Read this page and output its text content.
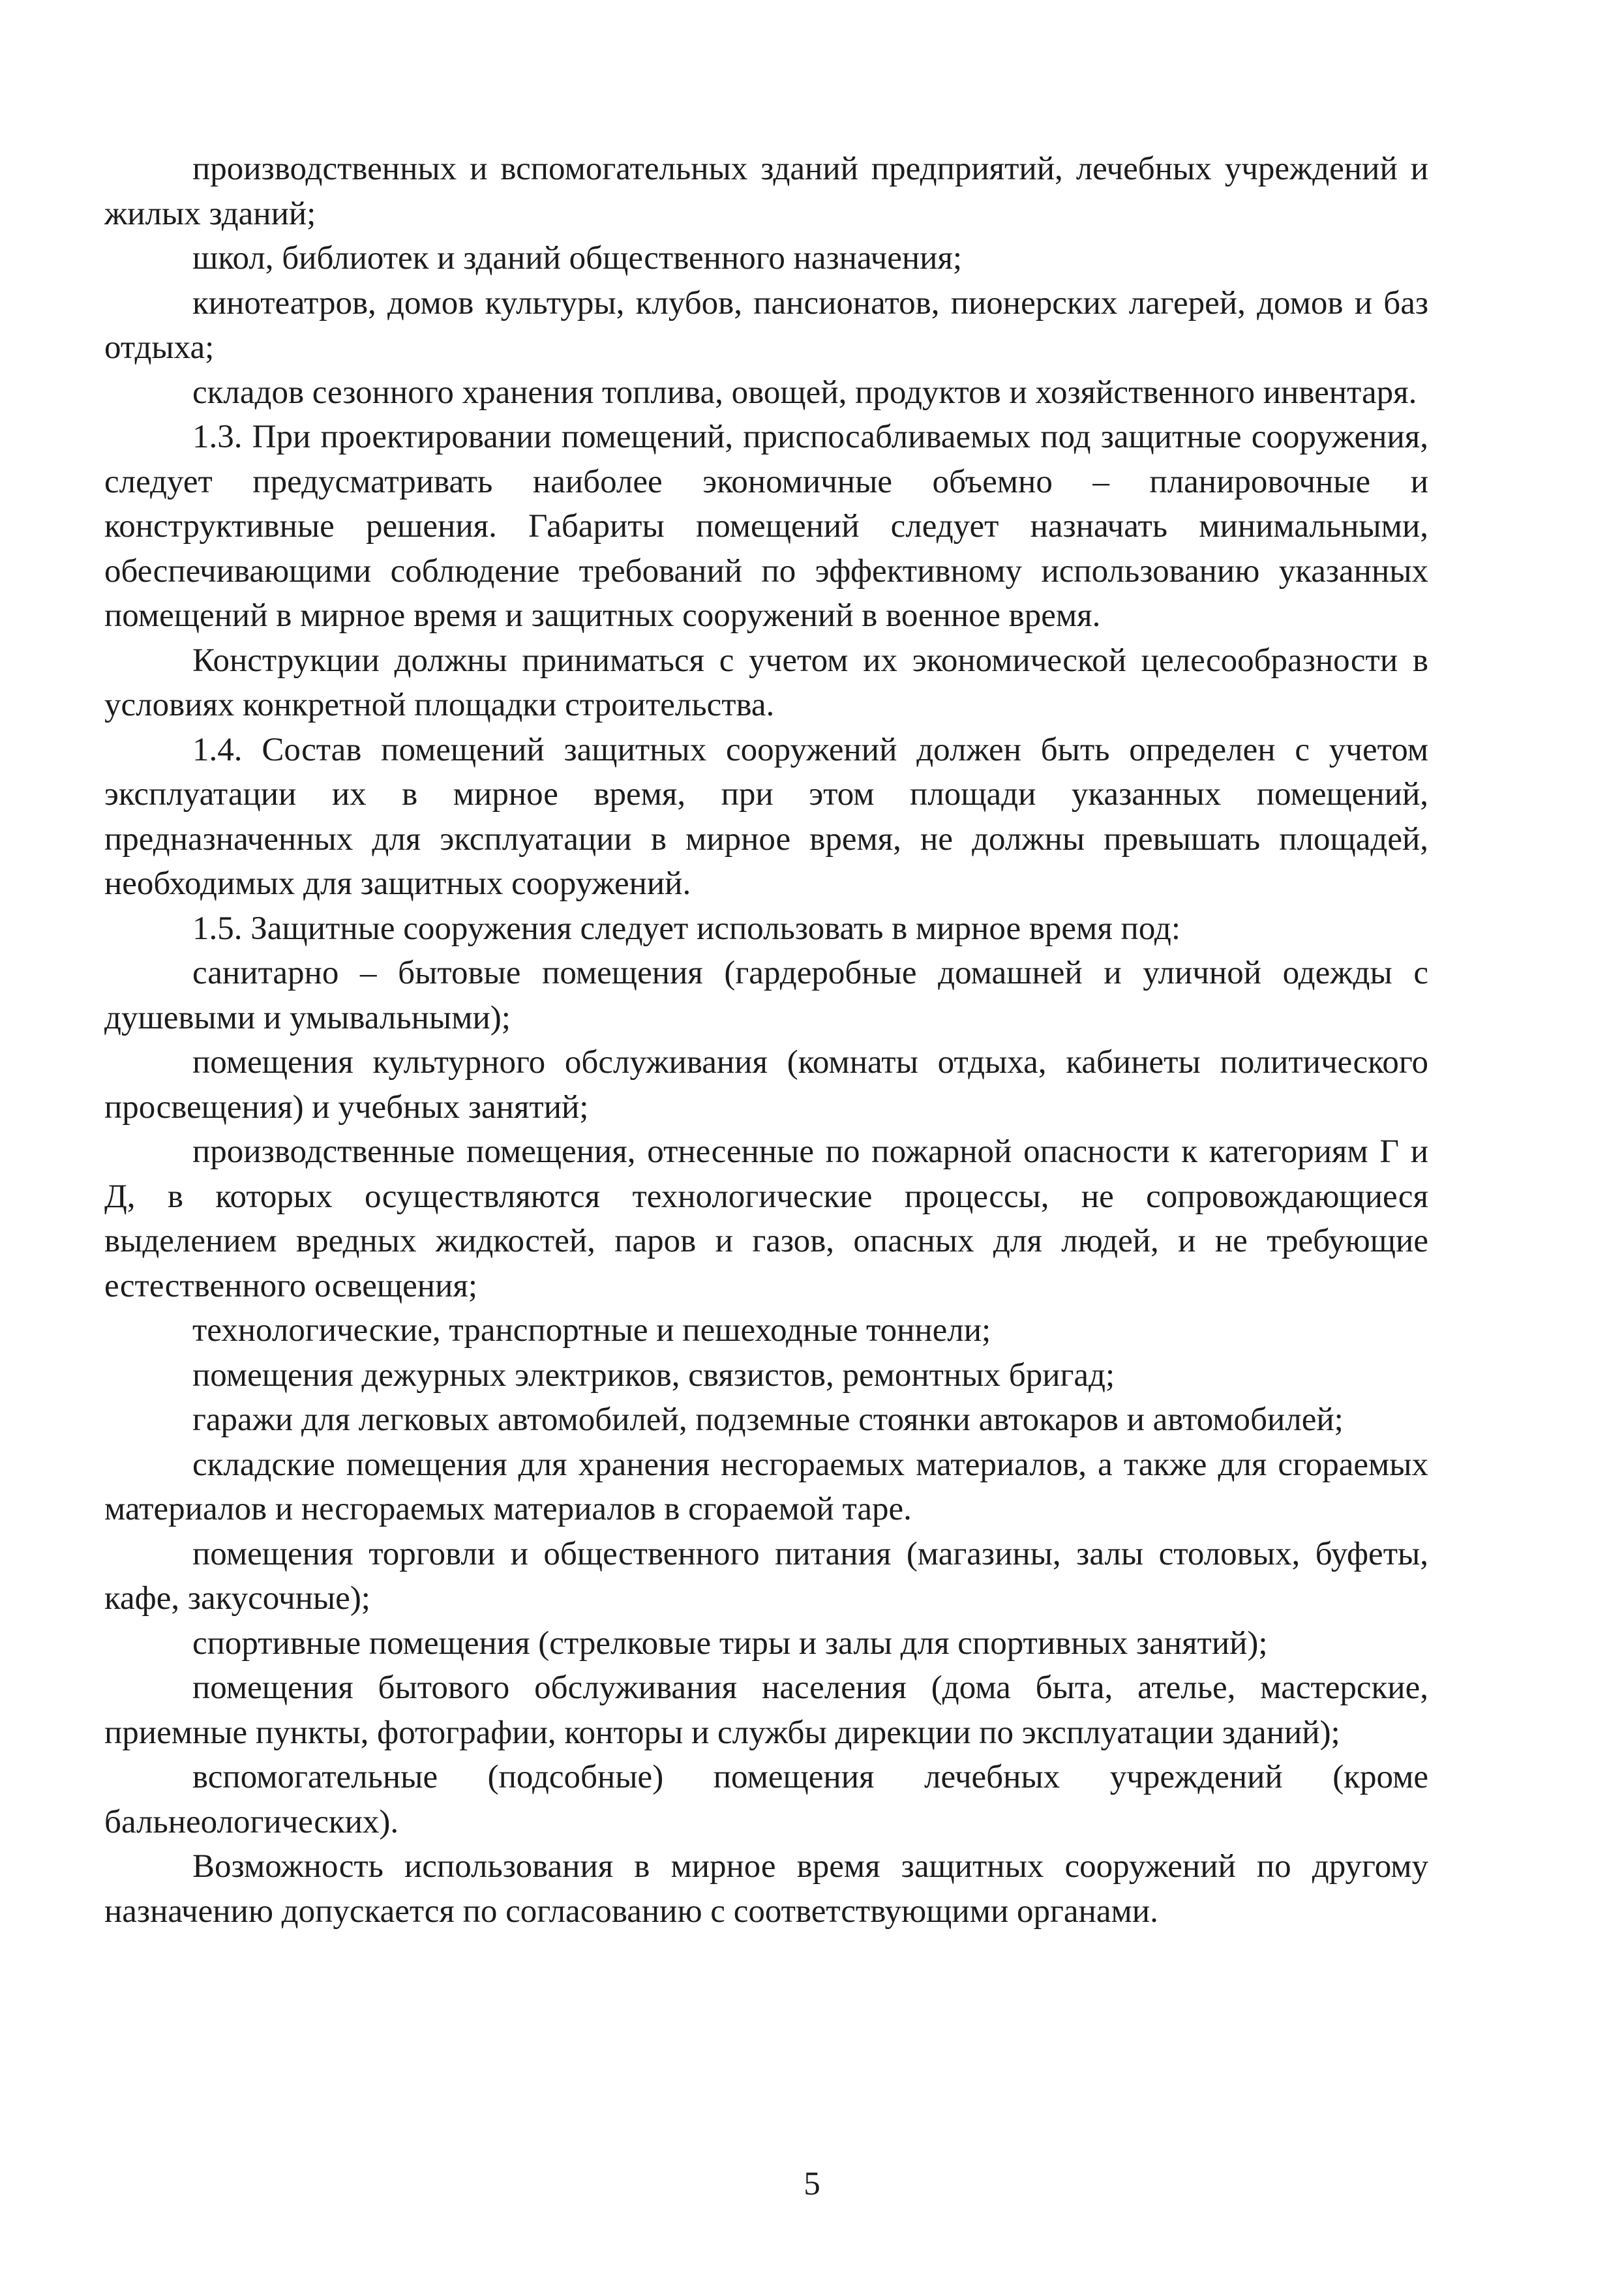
производственных и вспомогательных зданий предприятий, лечебных учреждений и жилых зданий;

школ, библиотек и зданий общественного назначения;

кинотеатров, домов культуры, клубов, пансионатов, пионерских лагерей, домов и баз отдыха;

складов сезонного хранения топлива, овощей, продуктов и хозяйственного инвентаря.

1.3. При проектировании помещений, приспосабливаемых под защитные сооружения, следует предусматривать наиболее экономичные объемно – планировочные и конструктивные решения. Габариты помещений следует назначать минимальными, обеспечивающими соблюдение требований по эффективному использованию указанных помещений в мирное время и защитных сооружений в военное время.

Конструкции должны приниматься с учетом их экономической целесообразности в условиях конкретной площадки строительства.

1.4. Состав помещений защитных сооружений должен быть определен с учетом эксплуатации их в мирное время, при этом площади указанных помещений, предназначенных для эксплуатации в мирное время, не должны превышать площадей, необходимых для защитных сооружений.

1.5. Защитные сооружения следует использовать в мирное время под:

санитарно – бытовые помещения (гардеробные домашней и уличной одежды с душевыми и умывальными);

помещения культурного обслуживания (комнаты отдыха, кабинеты политического просвещения) и учебных занятий;

производственные помещения, отнесенные по пожарной опасности к категориям Г и Д, в которых осуществляются технологические процессы, не сопровождающиеся выделением вредных жидкостей, паров и газов, опасных для людей, и не требующие естественного освещения;

технологические, транспортные и пешеходные тоннели;

помещения дежурных электриков, связистов, ремонтных бригад;

гаражи для легковых автомобилей, подземные стоянки автокаров и автомобилей;

складские помещения для хранения несгораемых материалов, а также для сгораемых материалов и несгораемых материалов в сгораемой таре.

помещения торговли и общественного питания (магазины, залы столовых, буфеты, кафе, закусочные);

спортивные помещения (стрелковые тиры и залы для спортивных занятий);

помещения бытового обслуживания населения (дома быта, ателье, мастерские, приемные пункты, фотографии, конторы и службы дирекции по эксплуатации зданий);

вспомогательные (подсобные) помещения лечебных учреждений (кроме бальнеологических).

Возможность использования в мирное время защитных сооружений по другому назначению допускается по согласованию с соответствующими органами.

5
